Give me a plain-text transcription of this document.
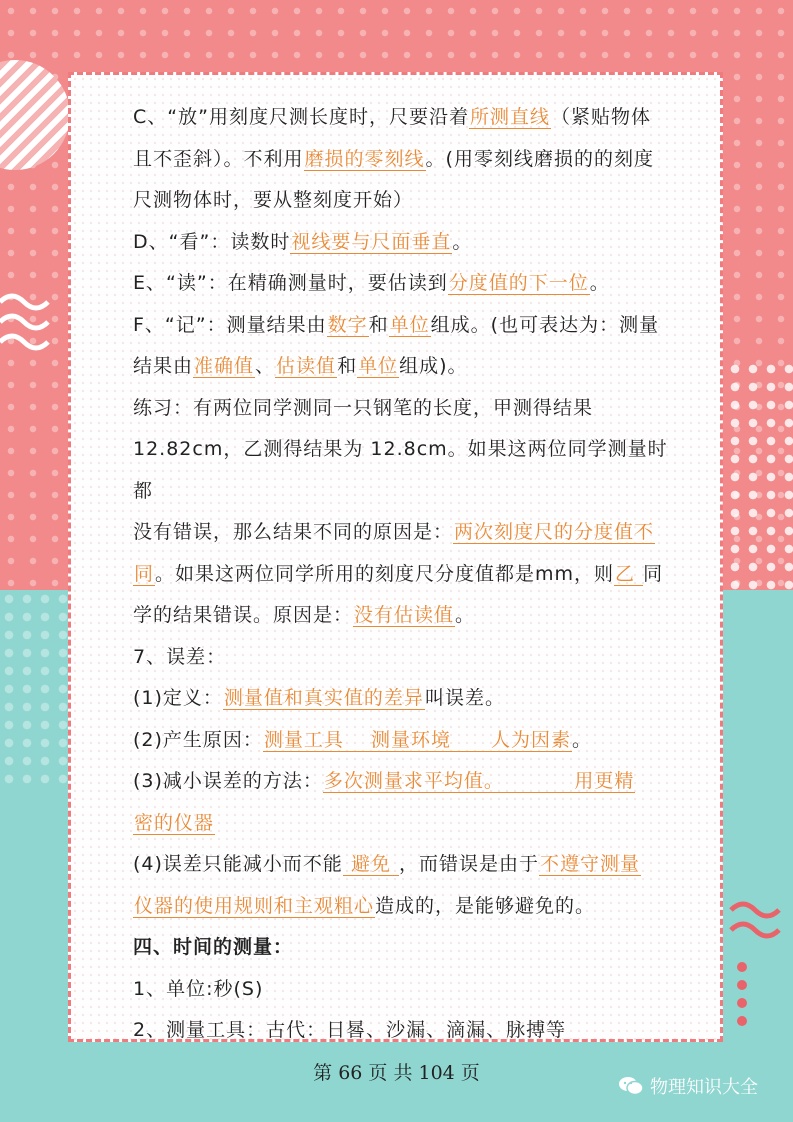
C、“放”用刻度尺测长度时，尺要沿着所测直线（紧贴物体

且不歪斜）。不利用磨损的零刻线。(用零刻线磨损的的刻度

尺测物体时，要从整刻度开始）

D、“看”：读数时视线要与尺面垂直。

E、“读”：在精确测量时，要估读到分度值的下一位。

F、“记”：测量结果由数字和单位组成。(也可表达为：测量

结果由准确值、估读值和单位组成)。

练习：有两位同学测同一只钢笔的长度，甲测得结果

12.82cm，乙测得结果为 12.8cm。如果这两位同学测量时都

没有错误，那么结果不同的原因是：两次刻度尺的分度值不

同。如果这两位同学所用的刻度尺分度值都是mm，则乙 同

学的结果错误。原因是：没有估读值。

7、误差：

(1)定义：测量值和真实值的差异叫误差。

(2)产生原因：测量工具　 测量环境　　人为因素。

(3)减小误差的方法：多次测量求平均值。　　　　用更精

密的仪器

(4)误差只能减小而不能 避免 ，而错误是由于不遵守测量

仪器的使用规则和主观粗心造成的，是能够避免的。

四、时间的测量：

1、单位:秒(S)

2、测量工具：古代：日晷、沙漏、滴漏、脉搏等

第 66 页 共 104 页
物理知识大全
